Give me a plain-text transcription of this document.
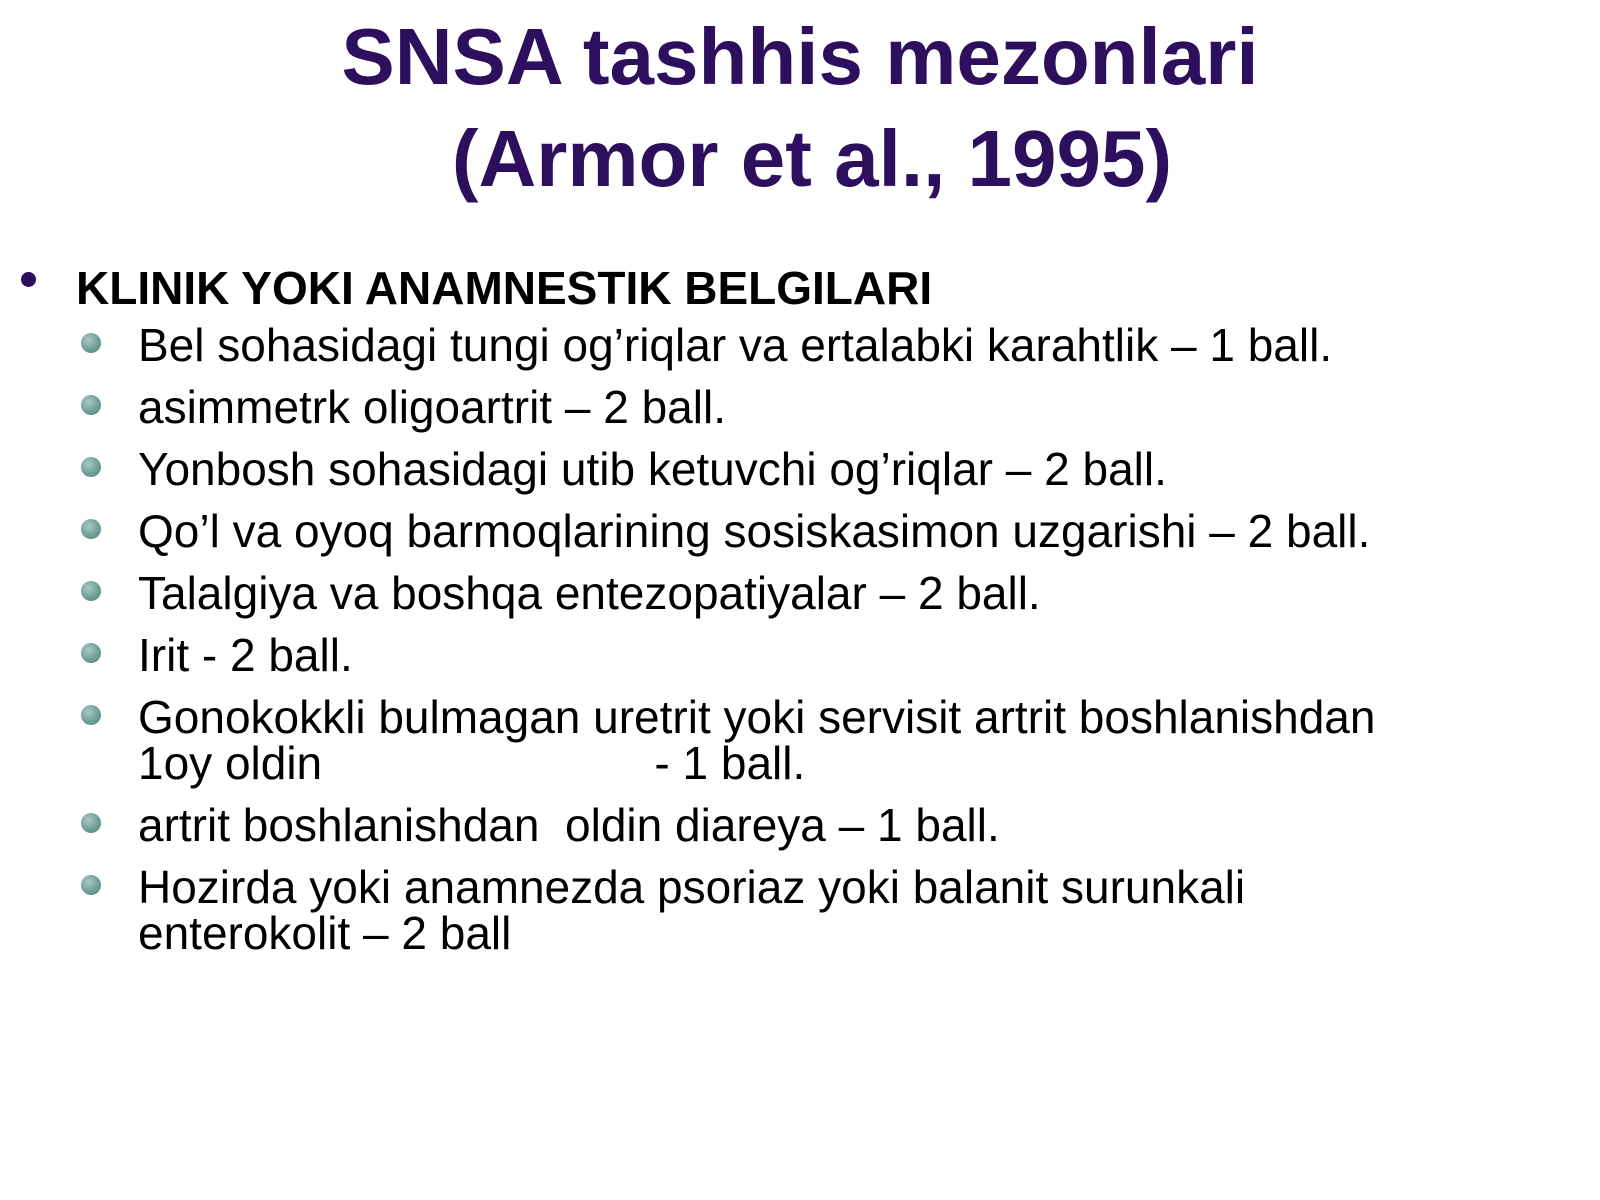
SNSA tashhis mezonlari
(Armor et al., 1995)
KLINIK YOKI ANAMNESTIK BELGILARI
Bel sohasidagi tungi og’riqlar va ertalabki karahtlik – 1 ball.
asimmetrk oligoartrit – 2 ball.
Yonbosh sohasidagi utib ketuvchi og’riqlar – 2 ball.
Qo’l va oyoq barmoqlarining sosiskasimon uzgarishi – 2 ball.
Talalgiya va boshqa entezopatiyalar – 2 ball.
Irit - 2 ball.
Gonokokkli bulmagan uretrit yoki servisit artrit boshlanishdan
1oy oldin                          - 1 ball.
artrit boshlanishdan  oldin diareya – 1 ball.
Hozirda yoki anamnezda psoriaz yoki balanit surunkali
enterokolit – 2 ball
